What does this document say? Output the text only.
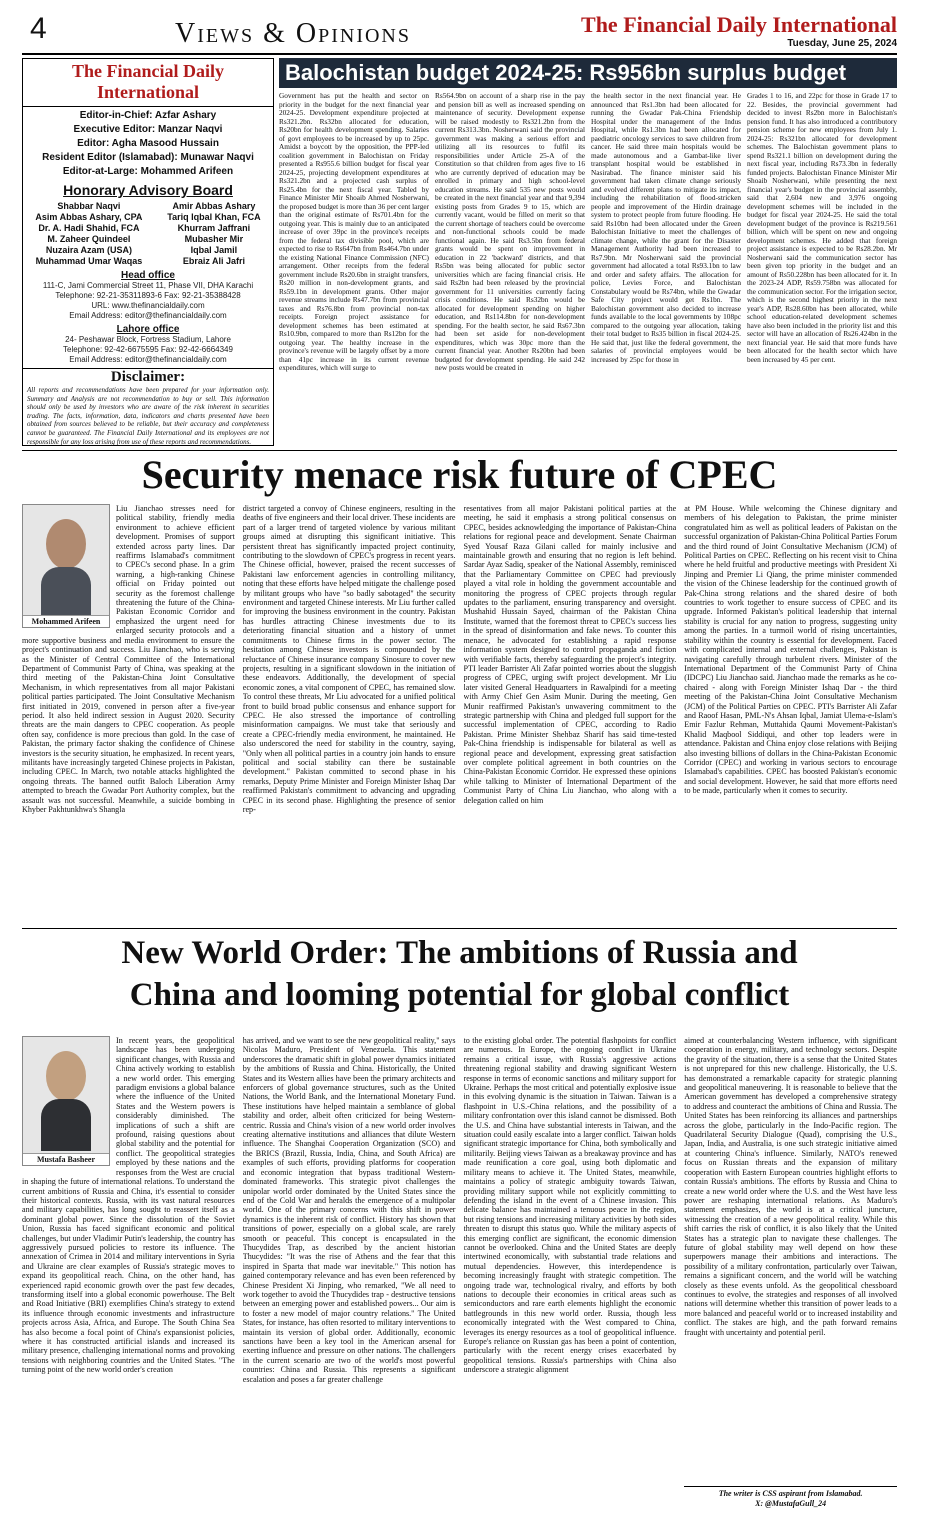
4	Views & Opinions	The Financial Daily International
Tuesday, June 25, 2024
The Financial Daily International
Editor-in-Chief: Azfar Ashary
Executive Editor: Manzar Naqvi
Editor: Agha Masood Hussain
Resident Editor (Islamabad): Munawar Naqvi
Editor-at-Large: Mohammed Arifeen
Honorary Advisory Board
Shabbar Naqvi
Asim Abbas Ashary, CPA
Dr. A. Hadi Shahid, FCA
M. Zaheer Quindeel
Nuzaira Azam (USA)
Muhammad Umar Waqas
Amir Abbas Ashary
Tariq Iqbal Khan, FCA
Khurram Jaffrani
Mubasher Mir
Iqbal Jamil
Ebraiz Ali Jafri
Head office
111-C, Jami Commercial Street 11, Phase VII, DHA Karachi
Telephone: 92-21-35311893-6 Fax: 92-21-35388428
URL: www.thefinancialdaily.com
Email Address: editor@thefinancialdaily.com
Lahore office
24- Peshawar Block, Fortress Stadium, Lahore
Telephone: 92-42-6675595 Fax: 92-42-6664349
Email Address: editor@thefinancialdaily.com
Disclaimer:
All reports and recommendations have been prepared for your information only. Summary and Analysis are not recommendation to buy or sell. This information should only be used by investors who are aware of the risk inherent in securities trading. The facts, information, data, indicators and charts presented have been obtained from sources believed to be reliable, but their accuracy and completeness cannot be guaranteed. The Financial Daily International and its employees are not responsible for any loss arising from use of these reports and recommendations.
Balochistan budget 2024-25: Rs956bn surplus budget
Government has put the health and sector on priority in the budget for the next financial year 2024-25. Development expenditure projected at Rs321.2bn. Rs32bn allocated for education, Rs20bn for health development spending. Salaries of govt employees to be increased by up to 25pc. Amidst a boycott by the opposition, the PPP-led coalition government in Balochistan on Friday presented a Rs955.6 billion budget for fiscal year 2024-25, projecting development expenditures at Rs321.2bn and a projected cash surplus of Rs25.4bn for the next fiscal year. Tabled by Finance Minister Mir Shoaib Ahmed Nosherwani, the proposed budget is more than 36 per cent larger than the original estimate of Rs701.4bn for the outgoing year. This is mainly due to an anticipated increase of over 39pc in the province's receipts from the federal tax divisible pool, which are expected to rise to Rs647bn from Rs464.7bn under the existing National Finance Commission (NFC) arrangement. Other receipts from the federal government include Rs20.6bn in straight transfers, Rs20 million in non-development grants, and Rs59.1bn in development grants. Other major revenue streams include Rs47.7bn from provincial taxes and Rs76.8bn from provincial non-tax receipts. Foreign project assistance for development schemes has been estimated at Rs10.9bn, compared to more than Rs12bn for the outgoing year. The healthy increase in the province's revenue will be largely offset by a more than 41pc increase in its current revenue expenditures, which will surge to
Rs564.9bn on account of a sharp rise in the pay and pension bill as well as increased spending on maintenance of security. Development expense will be raised modestly to Rs321.2bn from the current Rs313.3bn. Nosherwani said the provincial government was making a serious effort and utilizing all its resources to fulfil its responsibilities under Article 25-A of the Constitution so that children from ages five to 16 who are currently deprived of education may be enrolled in primary and high school-level education streams. He said 535 new posts would be created in the next financial year and that 9,394 existing posts from Grades 9 to 15, which are currently vacant, would be filled on merit so that the current shortage of teachers could be overcome and non-functional schools could be made functional again. He said Rs3.5bn from federal grants would be spent on improvement in education in 22 'backward' districts, and that Rs5bn was being allocated for public sector universities which are facing financial crisis. He said Rs2bn had been released by the provincial government for 11 universities currently facing crisis conditions. He said Rs32bn would be allocated for development spending on higher education, and Rs114.8bn for non-development spending. For the health sector, he said Rs67.3bn had been set aside for non-development expenditures, which was 30pc more than the current financial year. Another Rs20bn had been budgeted for development spending. He said 242 new posts would be created in
the health sector in the next financial year. He announced that Rs1.3bn had been allocated for running the Gwadar Pak-China Friendship Hospital under the management of the Indus Hospital, while Rs1.3bn had been allocated for paediatric oncology services to save children from cancer. He said three main hospitals would be made autonomous and a Gambat-like liver transplant hospital would be established in Nasirabad. The finance minister said his government had taken climate change seriously and evolved different plans to mitigate its impact, including the rehabilitation of flood-stricken people and improvement of the Hirdin drainage system to protect people from future flooding. He said Rs10bn had been allocated under the Green Balochistan Initiative to meet the challenges of climate change, while the grant for the Disaster Management Authority had been increased to Rs7.9bn. Mr Nosherwani said the provincial government had allocated a total Rs93.1bn to law and order and safety affairs. The allocation for police, Levies Force, and Balochistan Constabulary would be Rs74bn, while the Gwadar Safe City project would get Rs1bn. The Balochistan government also decided to increase funds available to the local governments by 108pc compared to the outgoing year allocation, taking their total budget to Rs35 billion in fiscal 2024-25. He said that, just like the federal government, the salaries of provincial employees would be increased by 25pc for those in
Grades 1 to 16, and 22pc for those in Grade 17 to 22. Besides, the provincial government had decided to invest Rs2bn more in Balochistan's pension fund. It has also introduced a contributory pension scheme for new employees from July 1. 2024-25: Rs321bn allocated for development schemes. The Balochistan government plans to spend Rs321.1 billion on development during the next fiscal year, including Rs73.3bn in federally funded projects. Balochistan Finance Minister Mir Shoaib Nosherwani, while presenting the next financial year's budget in the provincial assembly, said that 2,604 new and 3,976 ongoing development schemes will be included in the budget for fiscal year 2024-25. He said the total development budget of the province is Rs219.561 billion, which will be spent on new and ongoing development schemes. He added that foreign project assistance is expected to be Rs28.2bn. Mr Nosherwani said the communication sector has been given top priority in the budget and an amount of Rs50.228bn has been allocated for it. In the 2023-24 ADP, Rs59.758bn was allocated for the communication sector. For the irrigation sector, which is the second highest priority in the next year's ADP, Rs28.60bn has been allocated, while school education-related development schemes have also been included in the priority list and this sector will have an allocation of Rs26.424bn in the next financial year. He said that more funds have been allocated for the health sector which have been increased by 45 per cent.
Security menace risk future of CPEC
Mohammed Arifeen
Liu Jianchao stresses need for political stability, friendly media environment to achieve efficient development. Promises of support extended across party lines. Dar reaffirms Islamabad's commitment to CPEC's second phase. In a grim warning, a high-ranking Chinese official on Friday pointed out security as the foremost challenge threatening the future of the China-Pakistan Economic Corridor and emphasized the urgent need for enlarged security protocols and a more supportive business and media environment to ensure the project's continuation and success. Liu Jianchao, who is serving as the Minister of Central Committee of the International Department of Communist Party of China, was speaking at the third meeting of the Pakistan-China Joint Consultative Mechanism, in which representatives from all major Pakistani political parties participated. The Joint Consultative Mechanism first initiated in 2019, convened in person after a five-year period. It also held indirect session in August 2020. Security threats are the main dangers to CPEC cooperation. As people often say, confidence is more precious than gold. In the case of Pakistan, the primary factor shaking the confidence of Chinese investors is the security situation, he emphasized. In recent years, militants have increasingly targeted Chinese projects in Pakistan, including CPEC. In March, two notable attacks highlighted the ongoing threats. The banned outfit Baloch Liberation Army attempted to breach the Gwadar Port Authority complex, but the assault was not successful. Meanwhile, a suicide bombing in Khyber Pakhtunkhwa's Shangla
district targeted a convoy of Chinese engineers, resulting in the deaths of five engineers and their local driver. These incidents are part of a larger trend of targeted violence by various militant groups aimed at disrupting this significant initiative. This persistent threat has significantly impacted project continuity, contributing to the slowdown of CPEC's progress in recent years. The Chinese official, however, praised the recent successes of Pakistani law enforcement agencies in controlling militancy, noting that these efforts have helped mitigate the challenge posed by militant groups who have "so badly sabotaged" the security environment and targeted Chinese interests. Mr Liu further called for improving the business environment in the country. Pakistan has hurdles attracting Chinese investments due to its deteriorating financial situation and a history of unmet commitments to Chinese firms in the power sector. The hesitation among Chinese investors is compounded by the reluctance of Chinese insurance company Sinosure to cover new projects, resulting in a significant slowdown in the initiation of these endeavors. Additionally, the development of special economic zones, a vital component of CPEC, has remained slow. To control these threats, Mr Liu advocated for a unified political front to build broad public consensus and enhance support for CPEC. He also stressed the importance of controlling misinformation campaigns. We must take that seriously and create a CPEC-friendly media environment, he maintained. He also underscored the need for stability in the country, saying, "Only when all political parties in a country join hands to ensure political and social stability can there be sustainable development." Pakistan committed to second phase in his remarks, Deputy Prime Minister and Foreign Minister Ishaq Dar reaffirmed Pakistan's commitment to advancing and upgrading CPEC in its second phase. Highlighting the presence of senior rep-
resentatives from all major Pakistani political parties at the meeting, he said it emphasis a strong political consensus on CPEC, besides acknowledging the importance of Pakistan-China relations for regional peace and development. Senate Chairman Syed Yousaf Raza Gilani called for mainly inclusive and maintainable growth and ensuring that no region is left behind. Sardar Ayaz Sadiq, speaker of the National Assembly, reminisced that the Parliamentary Committee on CPEC had previously played a vital role in holding the government accountable and monitoring the progress of CPEC projects through regular updates to the parliament, ensuring transparency and oversight. Mushahid Hussain Sayed, chairman of the Pakistan China Institute, warned that the foremost threat to CPEC's success lies in the spread of disinformation and fake news. To counter this menace, he advocated for establishing a rapid response information system designed to control propaganda and fiction with verifiable facts, thereby safeguarding the project's integrity. PTI leader Barrister Ali Zafar pointed worries about the sluggish progress of CPEC, urging swift project development. Mr Liu later visited General Headquarters in Rawalpindi for a meeting with Army Chief Gen Asim Munir. During the meeting, Gen Munir reaffirmed Pakistan's unwavering commitment to the strategic partnership with China and pledged full support for the successful implementation of CPEC, according to Radio Pakistan. Prime Minister Shehbaz Sharif has said time-tested Pak-China friendship is indispensable for bilateral as well as regional peace and development, expressing great satisfaction over complete political agreement in both countries on the China-Pakistan Economic Corridor. He expressed these opinions while talking to Minister of International Department of the Communist Party of China Liu Jianchao, who along with a delegation called on him
at PM House. While welcoming the Chinese dignitary and members of his delegation to Pakistan, the prime minister congratulated him as well as political leaders of Pakistan on the successful organization of Pakistan-China Political Parties Forum and the third round of Joint Consultative Mechanism (JCM) of Political Parties on CPEC. Reflecting on his recent visit to China where he held fruitful and productive meetings with President Xi Jinping and Premier Li Qiang, the prime minister commended the vision of the Chinese leadership for the continued growth of Pak-China strong relations and the shared desire of both countries to work together to ensure success of CPEC and its upgrade. Informed Pakistan's political leadership that internal stability is crucial for any nation to progress, suggesting unity among the parties. In a turmoil world of rising uncertainties, stability within the country is essential for development. Faced with complicated internal and external challenges, Pakistan is navigating carefully through turbulent rivers. Minister of the International Department of the Communist Party of China (IDCPC) Liu Jianchao said. Jianchao made the remarks as he co-chaired - along with Foreign Minister Ishaq Dar - the third meeting of the Pakistan-China Joint Consultative Mechanism (JCM) of the Political Parties on CPEC. PTI's Barrister Ali Zafar and Raoof Hasan, PML-N's Ahsan Iqbal, Jamiat Ulema-e-Islam's Emir Fazlur Rehman, Muttahida Qaumi Movement-Pakistan's Khalid Maqbool Siddiqui, and other top leaders were in attendance. Pakistan and China enjoy close relations with Beijing also investing billions of dollars in the China-Pakistan Economic Corridor (CPEC) and working in various sectors to encourage Islamabad's capabilities. CPEC has boosted Pakistan's economic and social development. However, he said that more efforts need to be made, particularly when it comes to security.
New World Order: The ambitions of Russia and
China and looming potential for global conflict
Mustafa Basheer
In recent years, the geopolitical landscape has been undergoing significant changes, with Russia and China actively working to establish a new world order. This emerging paradigm envisions a global balance where the influence of the United States and the Western powers is considerably diminished. The implications of such a shift are profound, raising questions about global stability and the potential for conflict. The geopolitical strategies employed by these nations and the responses from the West are crucial in shaping the future of international relations. To understand the current ambitions of Russia and China, it's essential to consider their historical contexts. Russia, with its vast natural resources and military capabilities, has long sought to reassert itself as a dominant global power. Since the dissolution of the Soviet Union, Russia has faced significant economic and political challenges, but under Vladimir Putin's leadership, the country has aggressively pursued policies to restore its influence. The annexation of Crimea in 2014 and military interventions in Syria and Ukraine are clear examples of Russia's strategic moves to expand its geopolitical reach. China, on the other hand, has experienced rapid economic growth over the past few decades, transforming itself into a global economic powerhouse. The Belt and Road Initiative (BRI) exemplifies China's strategy to extend its influence through economic investments and infrastructure projects across Asia, Africa, and Europe. The South China Sea has also become a focal point of China's expansionist policies, where it has constructed artificial islands and increased its military presence, challenging international norms and provoking tensions with neighboring countries and the United States. "The turning point of the new world order's creation
has arrived, and we want to see the new geopolitical reality," says Nicolas Maduro, President of Venezuela. This statement underscores the dramatic shift in global power dynamics initiated by the ambitions of Russia and China. Historically, the United States and its Western allies have been the primary architects and enforcers of global governance structures, such as the United Nations, the World Bank, and the International Monetary Fund. These institutions have helped maintain a semblance of global stability and order, albeit often criticized for being Western-centric. Russia and China's vision of a new world order involves creating alternative institutions and alliances that dilute Western influence. The Shanghai Cooperation Organization (SCO) and the BRICS (Brazil, Russia, India, China, and South Africa) are examples of such efforts, providing platforms for cooperation and economic integration that bypass traditional Western-dominated frameworks. This strategic pivot challenges the unipolar world order dominated by the United States since the end of the Cold War and heralds the emergence of a multipolar world. One of the primary concerns with this shift in power dynamics is the inherent risk of conflict. History has shown that transitions of power, especially on a global scale, are rarely smooth or peaceful. This concept is encapsulated in the Thucydides Trap, as described by the ancient historian Thucydides: "It was the rise of Athens and the fear that this inspired in Sparta that made war inevitable." This notion has gained contemporary relevance and has even been referenced by Chinese President Xi Jinping, who remarked, "We all need to work together to avoid the Thucydides trap - destructive tensions between an emerging power and established powers... Our aim is to foster a new model of major country relations." The United States, for instance, has often resorted to military interventions to maintain its version of global order. Additionally, economic sanctions have been a key tool in the American arsenal for exerting influence and pressure on other nations. The challengers in the current scenario are two of the world's most powerful countries: China and Russia. This represents a significant escalation and poses a far greater challenge
to the existing global order. The potential flashpoints for conflict are numerous. In Europe, the ongoing conflict in Ukraine remains a critical issue, with Russia's aggressive actions threatening regional stability and drawing significant Western response in terms of economic sanctions and military support for Ukraine. Perhaps the most critical and potentially explosive issue in this evolving dynamic is the situation in Taiwan. Taiwan is a flashpoint in U.S.-China relations, and the possibility of a military confrontation over this island cannot be dismissed. Both the U.S. and China have substantial interests in Taiwan, and the situation could easily escalate into a larger conflict. Taiwan holds significant strategic importance for China, both symbolically and militarily. Beijing views Taiwan as a breakaway province and has made reunification a core goal, using both diplomatic and military means to achieve it. The United States, meanwhile, maintains a policy of strategic ambiguity towards Taiwan, providing military support while not explicitly committing to defending the island in the event of a Chinese invasion. This delicate balance has maintained a tenuous peace in the region, but rising tensions and increasing military activities by both sides threaten to disrupt this status quo. While the military aspects of this emerging conflict are significant, the economic dimension cannot be overlooked. China and the United States are deeply intertwined economically, with substantial trade relations and mutual dependencies. However, this interdependence is becoming increasingly fraught with strategic competition. The ongoing trade war, technological rivalry, and efforts by both nations to decouple their economies in critical areas such as semiconductors and rare earth elements highlight the economic battlegrounds in this new world order. Russia, though less economically integrated with the West compared to China, leverages its energy resources as a tool of geopolitical influence. Europe's reliance on Russian gas has been a point of contention, particularly with the recent energy crises exacerbated by geopolitical tensions. Russia's partnerships with China also underscore a strategic alignment
aimed at counterbalancing Western influence, with significant cooperation in energy, military, and technology sectors. Despite the gravity of the situation, there is a sense that the United States is not unprepared for this new challenge. Historically, the U.S. has demonstrated a remarkable capacity for strategic planning and geopolitical maneuvering. It is reasonable to believe that the American government has developed a comprehensive strategy to address and counteract the ambitions of China and Russia. The United States has been reinforcing its alliances and partnerships across the globe, particularly in the Indo-Pacific region. The Quadrilateral Security Dialogue (Quad), comprising the U.S., Japan, India, and Australia, is one such strategic initiative aimed at countering China's influence. Similarly, NATO's renewed focus on Russian threats and the expansion of military cooperation with Eastern European countries highlight efforts to contain Russia's ambitions. The efforts by Russia and China to create a new world order where the U.S. and the West have less power are reshaping international relations. As Maduro's statement emphasizes, the world is at a critical juncture, witnessing the creation of a new geopolitical reality. While this shift carries the risk of conflict, it is also likely that the United States has a strategic plan to navigate these challenges. The future of global stability may well depend on how these superpowers manage their ambitions and interactions. The possibility of a military confrontation, particularly over Taiwan, remains a significant concern, and the world will be watching closely as these events unfold. As the geopolitical chessboard continues to evolve, the strategies and responses of all involved nations will determine whether this transition of power leads to a more balanced and peaceful world or to increased instability and conflict. The stakes are high, and the path forward remains fraught with uncertainty and potential peril.
The writer is CSS aspirant from Islamabad.
X: @MustafaGull_24
